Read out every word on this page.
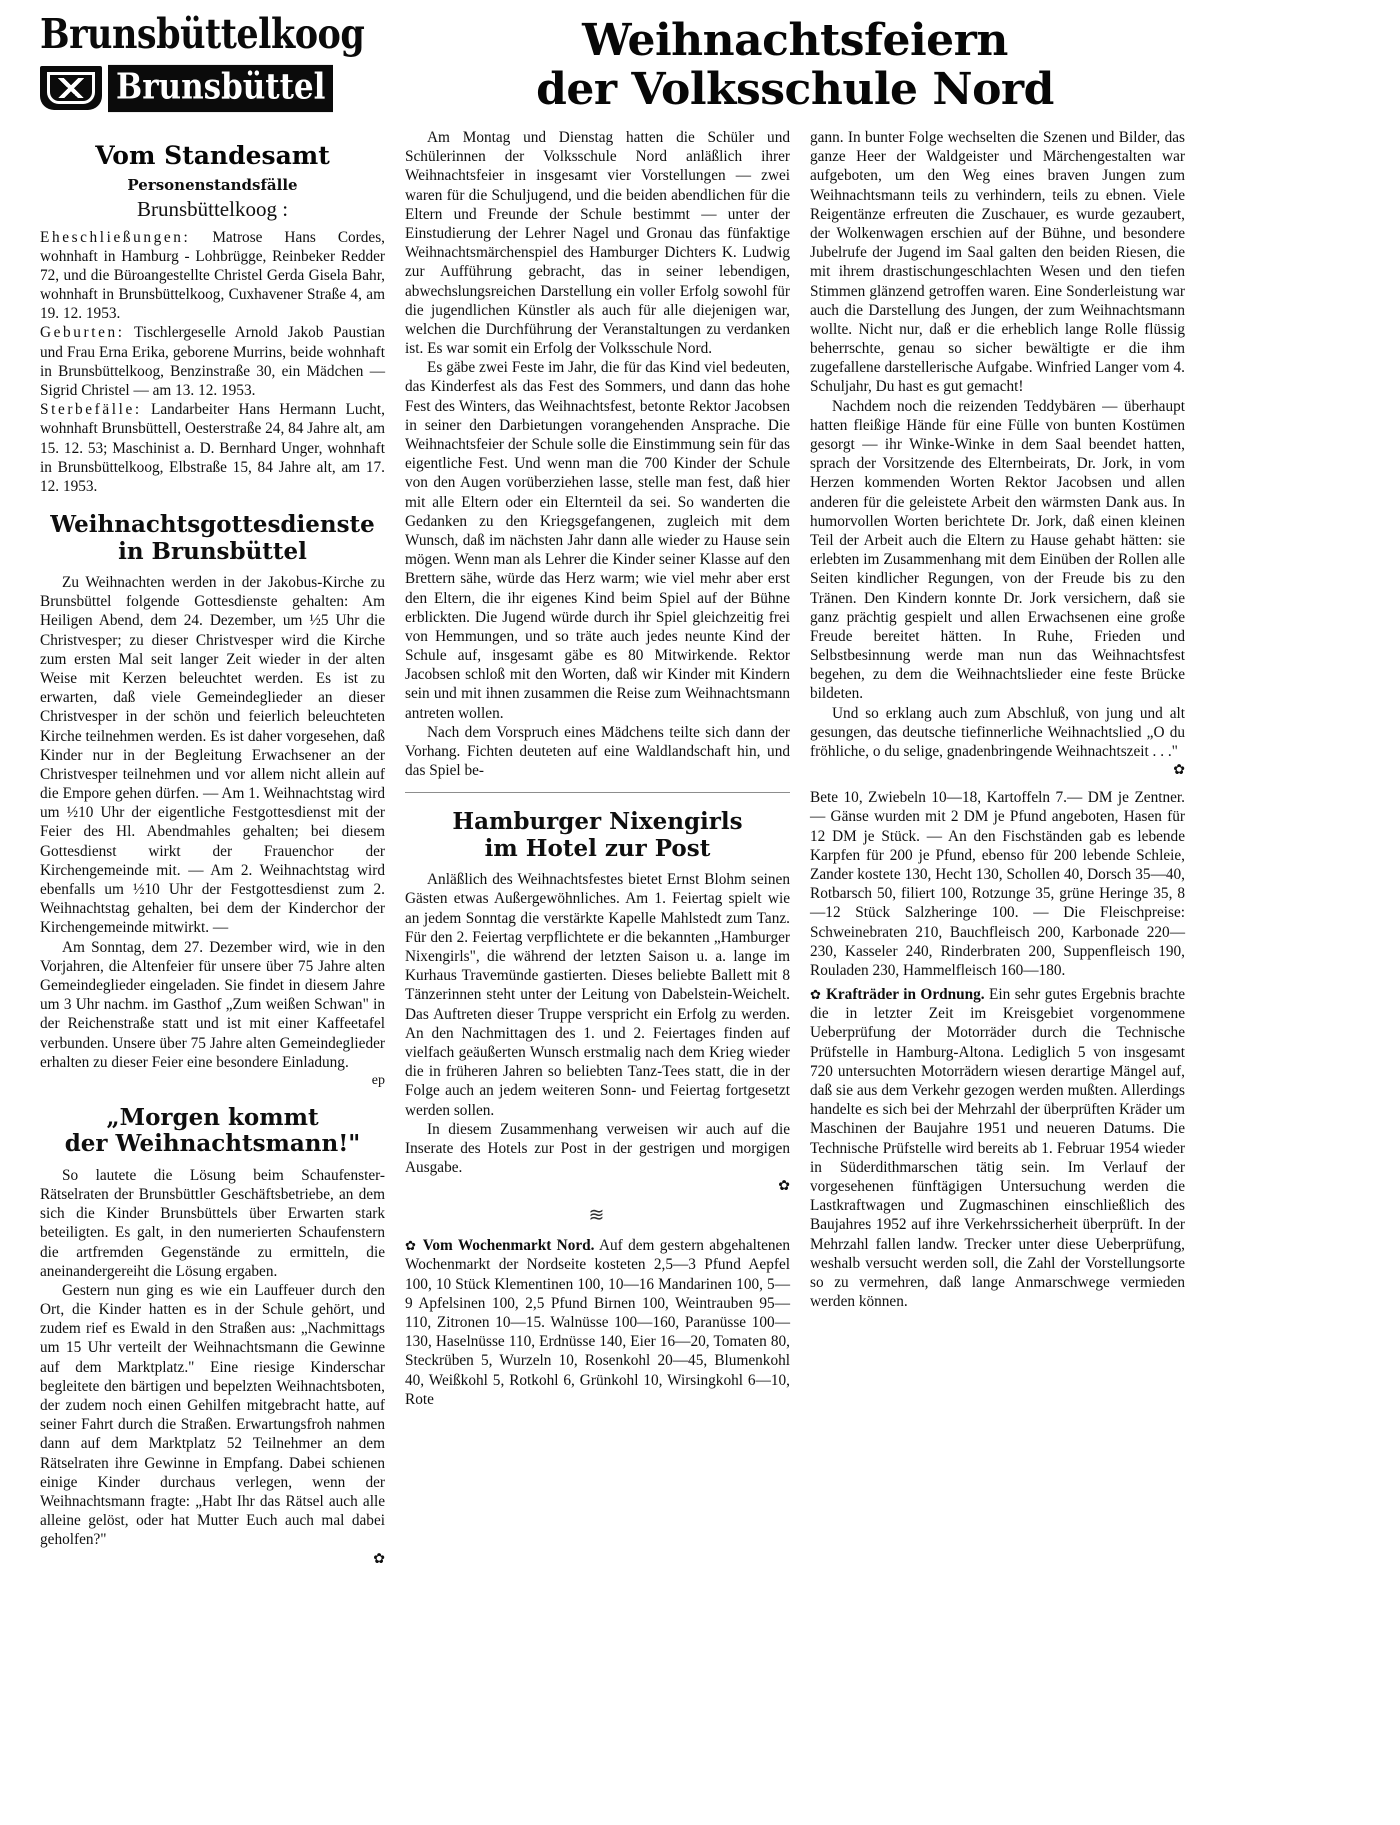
Brunsbüttelkoog
Brunsbüttel
Weihnachtsfeiern
der Volksschule Nord
Vom Standesamt
Personenstandsfälle
Brunsbüttelkoog :

Eheschließungen: Matrose Hans Cordes, wohnhaft in Hamburg - Lohbrügge, Reinbeker Redder 72, und die Büroangestellte Christel Gerda Gisela Bahr, wohnhaft in Brunsbüttelkoog, Cuxhavener Straße 4, am 19. 12. 1953.

Geburten: Tischlergeselle Arnold Jakob Paustian und Frau Erna Erika, geborene Murrins, beide wohnhaft in Brunsbüttelkoog, Benzinstraße 30, ein Mädchen — Sigrid Christel — am 13. 12. 1953.

Sterbefälle: Landarbeiter Hans Hermann Lucht, wohnhaft Brunsbüttell, Oesterstraße 24, 84 Jahre alt, am 15. 12. 53; Maschinist a. D. Bernhard Unger, wohnhaft in Brunsbüttelkoog, Elbstraße 15, 84 Jahre alt, am 17. 12. 1953.

Weihnachtsgottesdienste
in Brunsbüttel

Zu Weihnachten werden in der Jakobus-Kirche zu Brunsbüttel folgende Gottesdienste gehalten: Am Heiligen Abend, dem 24. Dezember, um ½5 Uhr die Christvesper; zu dieser Christvesper wird die Kirche zum ersten Mal seit langer Zeit wieder in der alten Weise mit Kerzen beleuchtet werden. Es ist zu erwarten, daß viele Gemeindeglieder an dieser Christvesper in der schön und feierlich beleuchteten Kirche teilnehmen werden. Es ist daher vorgesehen, daß Kinder nur in der Begleitung Erwachsener an der Christvesper teilnehmen und vor allem nicht allein auf die Empore gehen dürfen. — Am 1. Weihnachtstag wird um ½10 Uhr der eigentliche Festgottesdienst mit der Feier des Hl. Abendmahles gehalten; bei diesem Gottesdienst wirkt der Frauenchor der Kirchengemeinde mit. — Am 2. Weihnachtstag wird ebenfalls um ½10 Uhr der Festgottesdienst zum 2. Weihnachtstag gehalten, bei dem der Kinderchor der Kirchengemeinde mitwirkt. —

Am Sonntag, dem 27. Dezember wird, wie in den Vorjahren, die Altenfeier für unsere über 75 Jahre alten Gemeindeglieder eingeladen. Sie findet in diesem Jahre um 3 Uhr nachm. im Gasthof „Zum weißen Schwan" in der Reichenstraße statt und ist mit einer Kaffeetafel verbunden. Unsere über 75 Jahre alten Gemeindeglieder erhalten zu dieser Feier eine besondere Einladung.

ep
„Morgen kommt
der Weihnachtsmann!"

So lautete die Lösung beim Schaufenster-Rätselraten der Brunsbüttler Geschäftsbetriebe, an dem sich die Kinder Brunsbüttels über Erwarten stark beteiligten. Es galt, in den numerierten Schaufenstern die artfremden Gegenstände zu ermitteln, die aneinandergereiht die Lösung ergaben.

Gestern nun ging es wie ein Lauffeuer durch den Ort, die Kinder hatten es in der Schule gehört, und zudem rief es Ewald in den Straßen aus: „Nachmittags um 15 Uhr verteilt der Weihnachtsmann die Gewinne auf dem Marktplatz." Eine riesige Kinderschar begleitete den bärtigen und bepelzten Weihnachtsboten, der zudem noch einen Gehilfen mitgebracht hatte, auf seiner Fahrt durch die Straßen. Erwartungsfroh nahmen dann auf dem Marktplatz 52 Teilnehmer an dem Rätselraten ihre Gewinne in Empfang. Dabei schienen einige Kinder durchaus verlegen, wenn der Weihnachtsmann fragte: „Habt Ihr das Rätsel auch alle alleine gelöst, oder hat Mutter Euch auch mal dabei geholfen?"

✿

Am Montag und Dienstag hatten die Schüler und Schülerinnen der Volksschule Nord anläßlich ihrer Weihnachtsfeier in insgesamt vier Vorstellungen — zwei waren für die Schuljugend, und die beiden abendlichen für die Eltern und Freunde der Schule bestimmt — unter der Einstudierung der Lehrer Nagel und Gronau das fünfaktige Weihnachtsmärchenspiel des Hamburger Dichters K. Ludwig zur Aufführung gebracht, das in seiner lebendigen, abwechslungsreichen Darstellung ein voller Erfolg sowohl für die jugendlichen Künstler als auch für alle diejenigen war, welchen die Durchführung der Veranstaltungen zu verdanken ist. Es war somit ein Erfolg der Volksschule Nord.

Es gäbe zwei Feste im Jahr, die für das Kind viel bedeuten, das Kinderfest als das Fest des Sommers, und dann das hohe Fest des Winters, das Weihnachtsfest, betonte Rektor Jacobsen in seiner den Darbietungen vorangehenden Ansprache. Die Weihnachtsfeier der Schule solle die Einstimmung sein für das eigentliche Fest. Und wenn man die 700 Kinder der Schule von den Augen vorüberziehen lasse, stelle man fest, daß hier mit alle Eltern oder ein Elternteil da sei. So wanderten die Gedanken zu den Kriegsgefangenen, zugleich mit dem Wunsch, daß im nächsten Jahr dann alle wieder zu Hause sein mögen. Wenn man als Lehrer die Kinder seiner Klasse auf den Brettern sähe, würde das Herz warm; wie viel mehr aber erst den Eltern, die ihr eigenes Kind beim Spiel auf der Bühne erblickten. Die Jugend würde durch ihr Spiel gleichzeitig frei von Hemmungen, und so träte auch jedes neunte Kind der Schule auf, insgesamt gäbe es 80 Mitwirkende. Rektor Jacobsen schloß mit den Worten, daß wir Kinder mit Kindern sein und mit ihnen zusammen die Reise zum Weihnachtsmann antreten wollen.

Nach dem Vorspruch eines Mädchens teilte sich dann der Vorhang. Fichten deuteten auf eine Waldlandschaft hin, und das Spiel be-

Hamburger Nixengirls
im Hotel zur Post

Anläßlich des Weihnachtsfestes bietet Ernst Blohm seinen Gästen etwas Außergewöhnliches. Am 1. Feiertag spielt wie an jedem Sonntag die verstärkte Kapelle Mahlstedt zum Tanz. Für den 2. Feiertag verpflichtete er die bekannten „Hamburger Nixengirls", die während der letzten Saison u. a. lange im Kurhaus Travemünde gastierten. Dieses beliebte Ballett mit 8 Tänzerinnen steht unter der Leitung von Dabelstein-Weichelt. Das Auftreten dieser Truppe verspricht ein Erfolg zu werden. An den Nachmittagen des 1. und 2. Feiertages finden auf vielfach geäußerten Wunsch erstmalig nach dem Krieg wieder die in früheren Jahren so beliebten Tanz-Tees statt, die in der Folge auch an jedem weiteren Sonn- und Feiertag fortgesetzt werden sollen.

In diesem Zusammenhang verweisen wir auch auf die Inserate des Hotels zur Post in der gestrigen und morgigen Ausgabe.

✿
≋

✿ Vom Wochenmarkt Nord. Auf dem gestern abgehaltenen Wochenmarkt der Nordseite kosteten 2,5—3 Pfund Aepfel 100, 10 Stück Klementinen 100, 10—16 Mandarinen 100, 5—9 Apfelsinen 100, 2,5 Pfund Birnen 100, Weintrauben 95—110, Zitronen 10—15. Walnüsse 100—160, Paranüsse 100—130, Haselnüsse 110, Erdnüsse 140, Eier 16—20, Tomaten 80, Steckrüben 5, Wurzeln 10, Rosenkohl 20—45, Blumenkohl 40, Weißkohl 5, Rotkohl 6, Grünkohl 10, Wirsingkohl 6—10, Rote

gann. In bunter Folge wechselten die Szenen und Bilder, das ganze Heer der Waldgeister und Märchengestalten war aufgeboten, um den Weg eines braven Jungen zum Weihnachtsmann teils zu verhindern, teils zu ebnen. Viele Reigentänze erfreuten die Zuschauer, es wurde gezaubert, der Wolkenwagen erschien auf der Bühne, und besondere Jubelrufe der Jugend im Saal galten den beiden Riesen, die mit ihrem drastischungeschlachten Wesen und den tiefen Stimmen glänzend getroffen waren. Eine Sonderleistung war auch die Darstellung des Jungen, der zum Weihnachtsmann wollte. Nicht nur, daß er die erheblich lange Rolle flüssig beherrschte, genau so sicher bewältigte er die ihm zugefallene darstellerische Aufgabe. Winfried Langer vom 4. Schuljahr, Du hast es gut gemacht!

Nachdem noch die reizenden Teddybären — überhaupt hatten fleißige Hände für eine Fülle von bunten Kostümen gesorgt — ihr Winke-Winke in dem Saal beendet hatten, sprach der Vorsitzende des Elternbeirats, Dr. Jork, in vom Herzen kommenden Worten Rektor Jacobsen und allen anderen für die geleistete Arbeit den wärmsten Dank aus. In humorvollen Worten berichtete Dr. Jork, daß einen kleinen Teil der Arbeit auch die Eltern zu Hause gehabt hätten: sie erlebten im Zusammenhang mit dem Einüben der Rollen alle Seiten kindlicher Regungen, von der Freude bis zu den Tränen. Den Kindern konnte Dr. Jork versichern, daß sie ganz prächtig gespielt und allen Erwachsenen eine große Freude bereitet hätten. In Ruhe, Frieden und Selbstbesinnung werde man nun das Weihnachtsfest begehen, zu dem die Weihnachtslieder eine feste Brücke bildeten.

Und so erklang auch zum Abschluß, von jung und alt gesungen, das deutsche tiefinnerliche Weihnachtslied „O du fröhliche, o du selige, gnadenbringende Weihnachtszeit . . ."

✿

Bete 10, Zwiebeln 10—18, Kartoffeln 7.— DM je Zentner. — Gänse wurden mit 2 DM je Pfund angeboten, Hasen für 12 DM je Stück. — An den Fischständen gab es lebende Karpfen für 200 je Pfund, ebenso für 200 lebende Schleie, Zander kostete 130, Hecht 130, Schollen 40, Dorsch 35—40, Rotbarsch 50, filiert 100, Rotzunge 35, grüne Heringe 35, 8—12 Stück Salzheringe 100. — Die Fleischpreise: Schweinebraten 210, Bauchfleisch 200, Karbonade 220—230, Kasseler 240, Rinderbraten 200, Suppenfleisch 190, Rouladen 230, Hammelfleisch 160—180.

✿ Krafträder in Ordnung. Ein sehr gutes Ergebnis brachte die in letzter Zeit im Kreisgebiet vorgenommene Ueberprüfung der Motorräder durch die Technische Prüfstelle in Hamburg-Altona. Lediglich 5 von insgesamt 720 untersuchten Motorrädern wiesen derartige Mängel auf, daß sie aus dem Verkehr gezogen werden mußten. Allerdings handelte es sich bei der Mehrzahl der überprüften Kräder um Maschinen der Baujahre 1951 und neueren Datums. Die Technische Prüfstelle wird bereits ab 1. Februar 1954 wieder in Süderdithmarschen tätig sein. Im Verlauf der vorgesehenen fünftägigen Untersuchung werden die Lastkraftwagen und Zugmaschinen einschließlich des Baujahres 1952 auf ihre Verkehrssicherheit überprüft. In der Mehrzahl fallen landw. Trecker unter diese Ueberprüfung, weshalb versucht werden soll, die Zahl der Vorstellungsorte so zu vermehren, daß lange Anmarschwege vermieden werden können.
